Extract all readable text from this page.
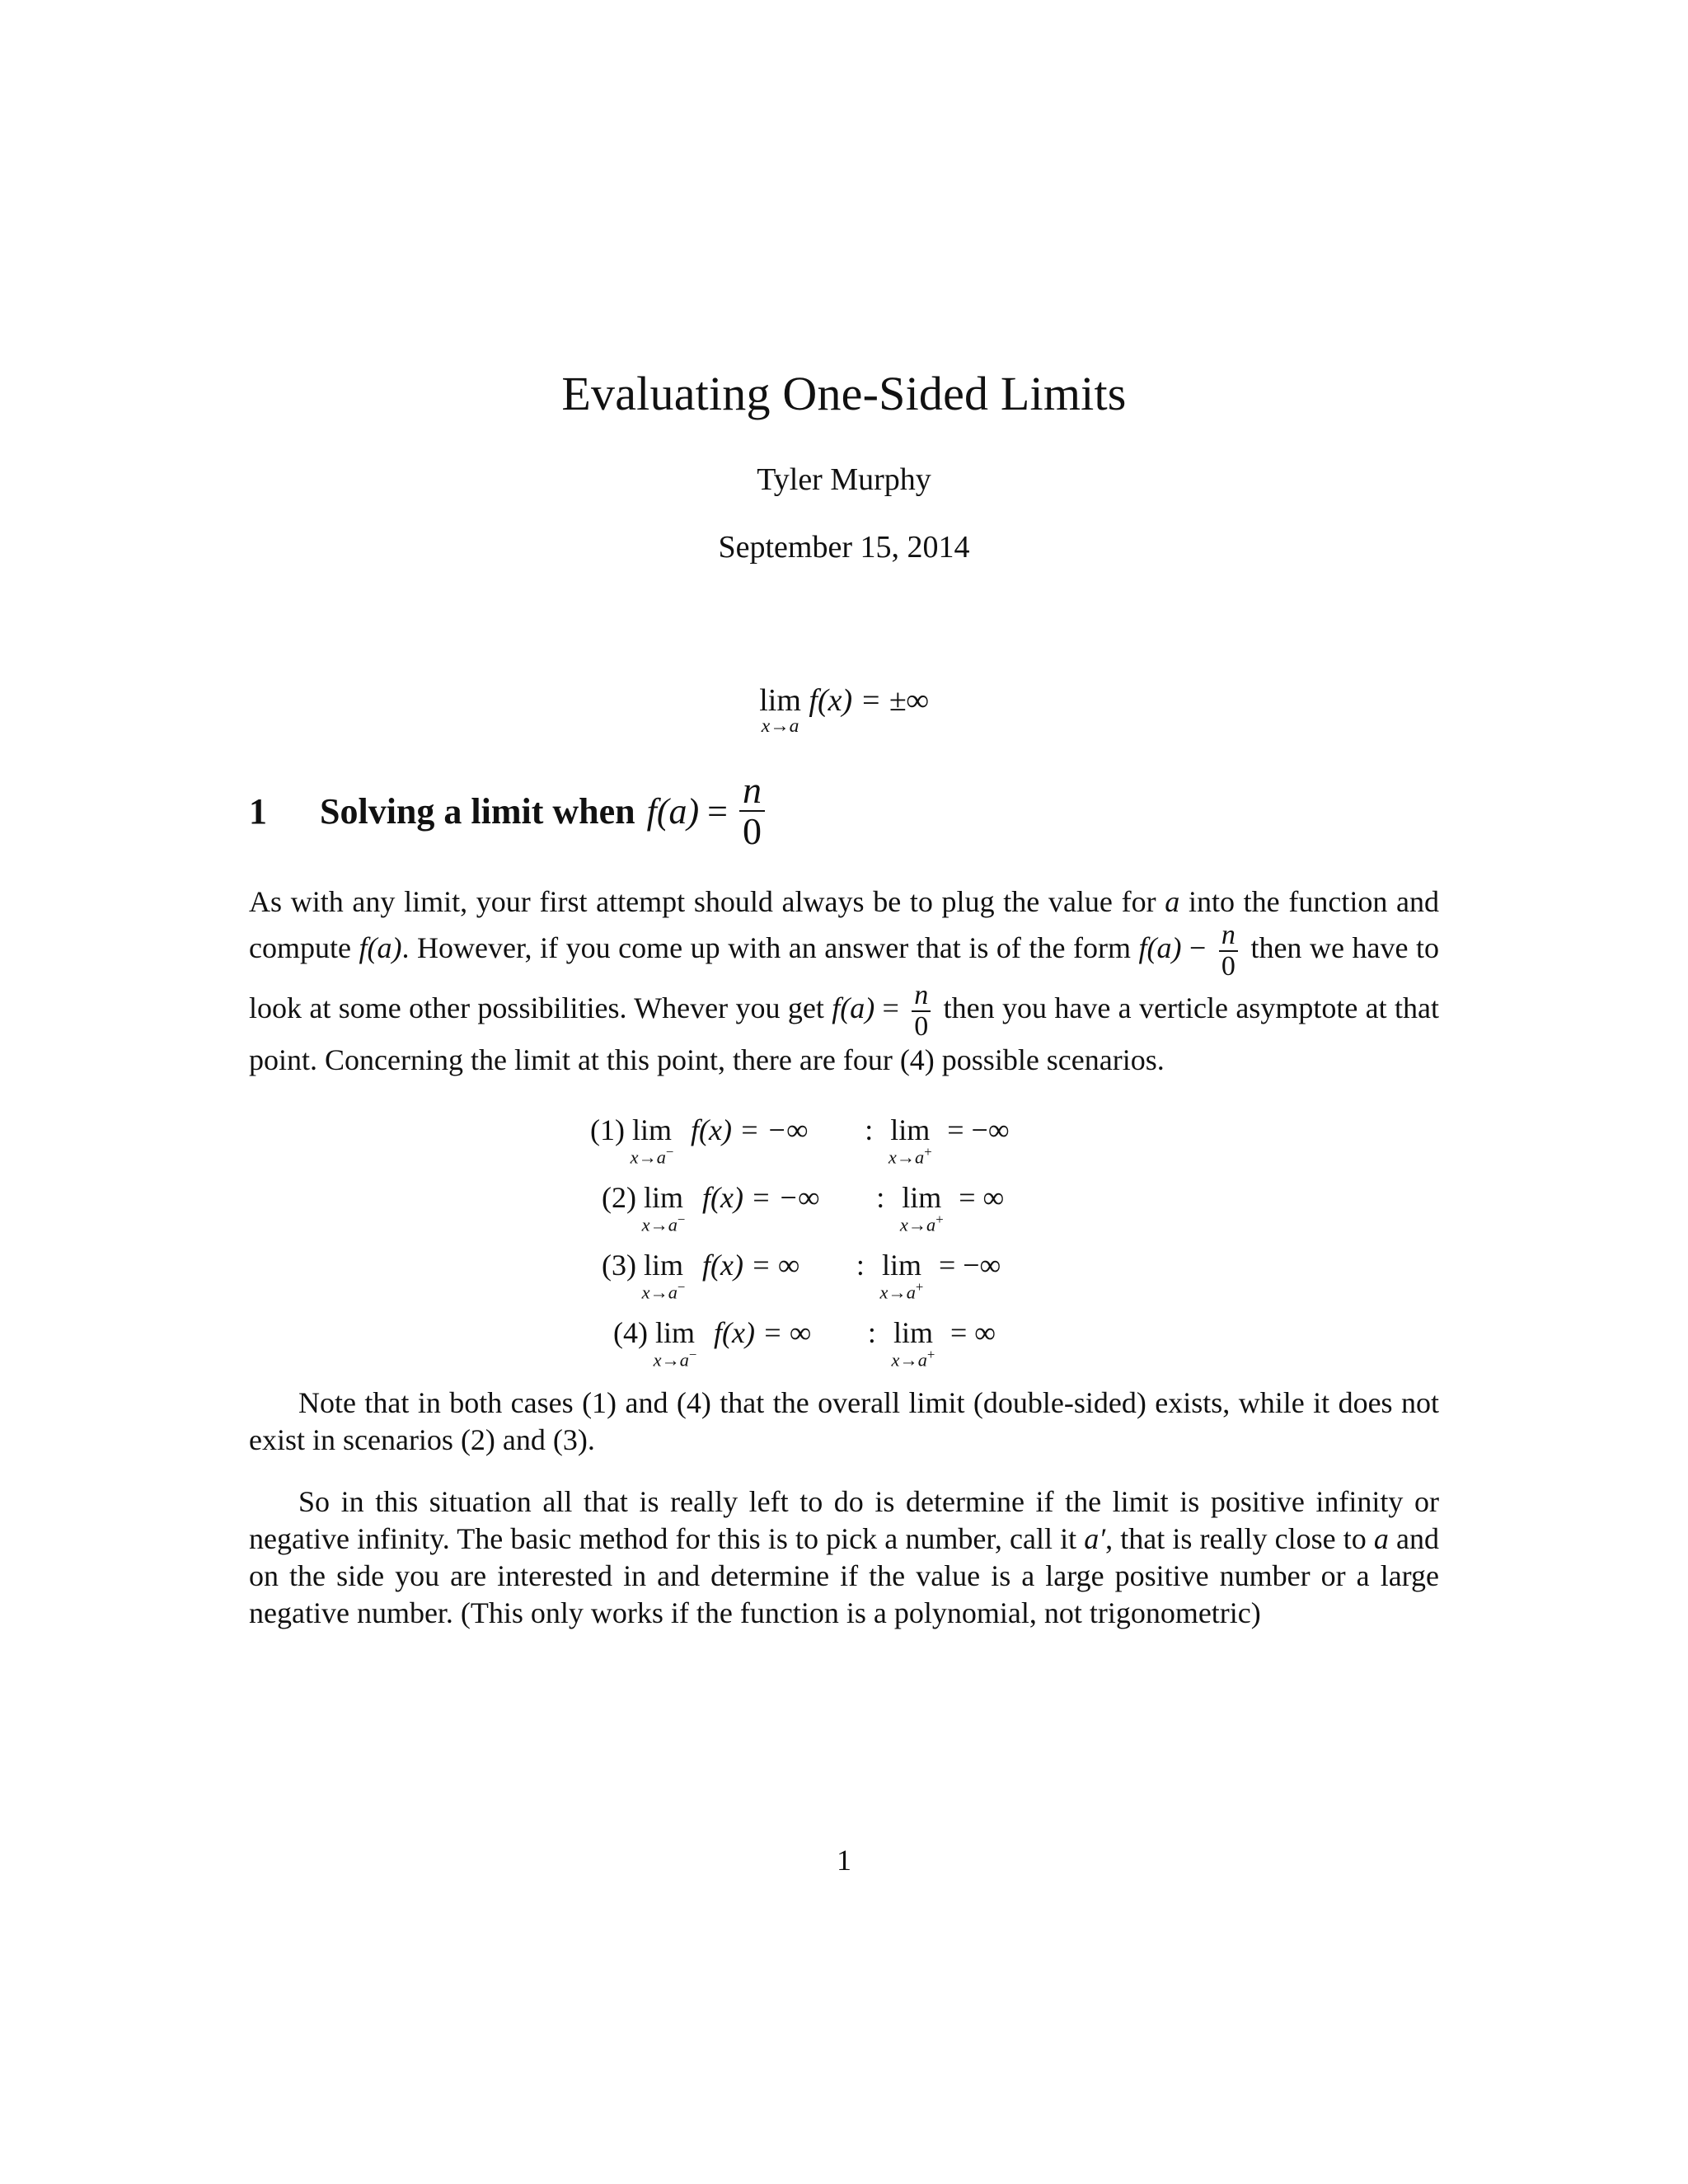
Evaluating One-Sided Limits
Tyler Murphy
September 15, 2014
lim
x→a
f(x) = ±∞
1	Solving a limit when $f(a) = \frac{n}{0}$
As with any limit, your first attempt should always be to plug the value for a into the function and compute f(a). However, if you come up with an answer that is of the form $f(a) - \frac{n}{0}$ then we have to look at some other possibilities. Whever you get $f(a) = \frac{n}{0}$ then you have a verticle asymptote at that point. Concerning the limit at this point, there are four (4) possible scenarios.
(1) lim
x→a−
f(x) = −∞ : lim
x→a+
= −∞
(2) lim
x→a−
f(x) = −∞ : lim
x→a+
= ∞
(3) lim
x→a−
f(x) = ∞ : lim
x→a+
= −∞
(4) lim
x→a−
f(x) = ∞ : lim
x→a+
= ∞
Note that in both cases (1) and (4) that the overall limit (double-sided) exists, while it does not exist in scenarios (2) and (3).
So in this situation all that is really left to do is determine if the limit is positive infinity or negative infinity. The basic method for this is to pick a number, call it a′, that is really close to a and on the side you are interested in and determine if the value is a large positive number or a large negative number. (This only works if the function is a polynomial, not trigonometric)
1
